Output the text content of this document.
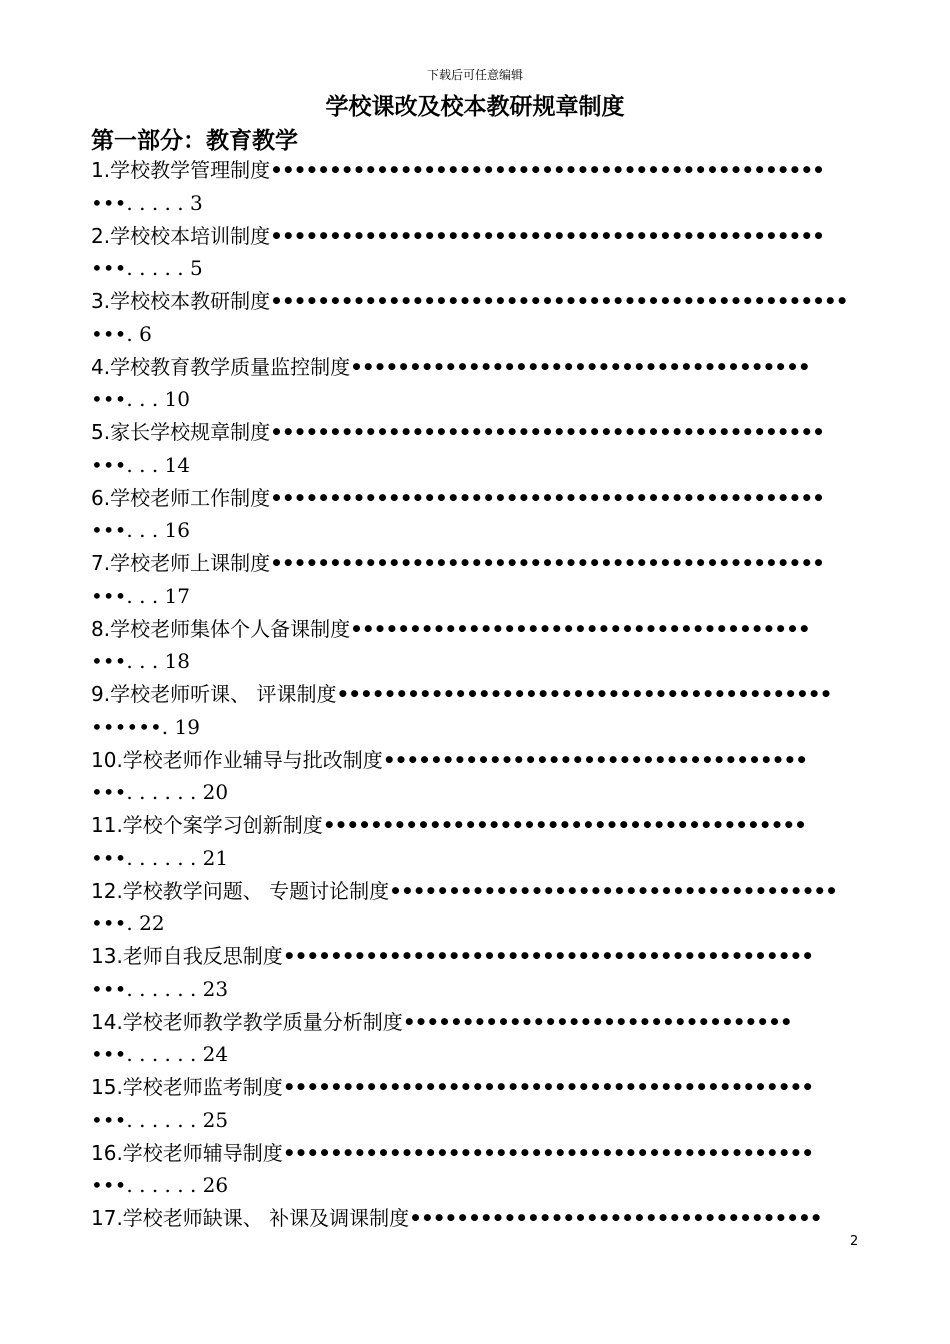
下载后可任意编辑
学校课改及校本教研规章制度
第一部分：教育教学
1.学校教学管理制度•••••••••••••••••••••••••••••••••••••••••••••••
•••. . . . . 3
2.学校校本培训制度•••••••••••••••••••••••••••••••••••••••••••••••
•••. . . . . 5
3.学校校本教研制度•••••••••••••••••••••••••••••••••••••••••••••••••
•••. 6
4.学校教育教学质量监控制度•••••••••••••••••••••••••••••••••••••••
•••. . . 10
5.家长学校规章制度•••••••••••••••••••••••••••••••••••••••••••••••
•••. . . 14
6.学校老师工作制度•••••••••••••••••••••••••••••••••••••••••••••••
•••. . . 16
7.学校老师上课制度•••••••••••••••••••••••••••••••••••••••••••••••
•••. . . 17
8.学校老师集体个人备课制度•••••••••••••••••••••••••••••••••••••••
•••. . . 18
9.学校老师听课、 评课制度••••••••••••••••••••••••••••••••••••••••••
••••••. 19
10.学校老师作业辅导与批改制度••••••••••••••••••••••••••••••••••••
•••. . . . . . 20
11.学校个案学习创新制度•••••••••••••••••••••••••••••••••••••••••
•••. . . . . . 21
12.学校教学问题、 专题讨论制度••••••••••••••••••••••••••••••••••••••
•••. 22
13.老师自我反思制度•••••••••••••••••••••••••••••••••••••••••••••
•••. . . . . . 23
14.学校老师教学教学质量分析制度•••••••••••••••••••••••••••••••••
•••. . . . . . 24
15.学校老师监考制度•••••••••••••••••••••••••••••••••••••••••••••
•••. . . . . . 25
16.学校老师辅导制度•••••••••••••••••••••••••••••••••••••••••••••
•••. . . . . . 26
17.学校老师缺课、 补课及调课制度•••••••••••••••••••••••••••••••••••
2
